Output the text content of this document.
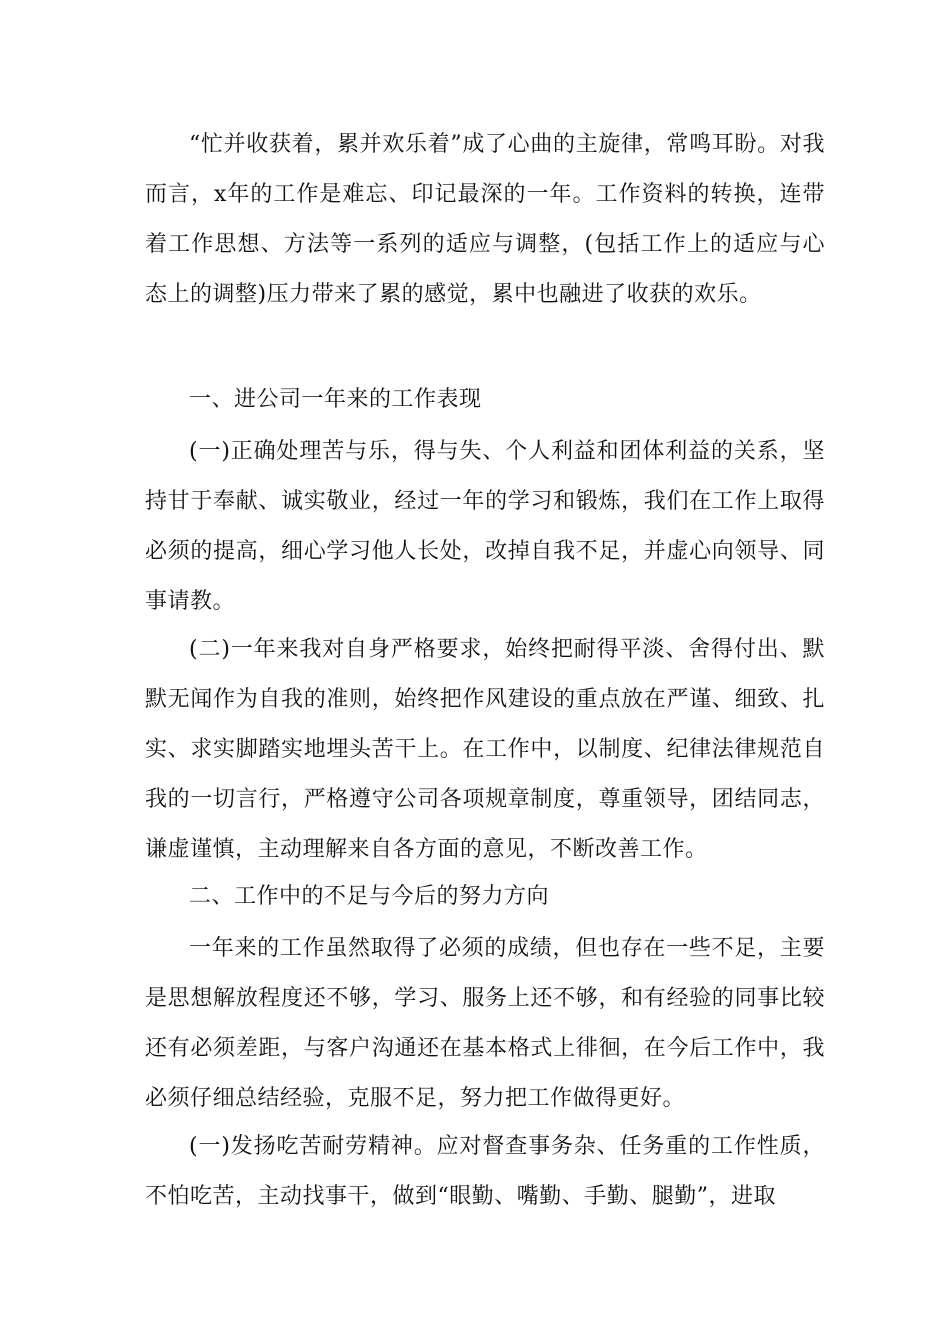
“忙并收获着，累并欢乐着”成了心曲的主旋律，常鸣耳盼。对我而言，x年的工作是难忘、印记最深的一年。工作资料的转换，连带着工作思想、方法等一系列的适应与调整，(包括工作上的适应与心态上的调整)压力带来了累的感觉，累中也融进了收获的欢乐。

一、进公司一年来的工作表现

(一)正确处理苦与乐，得与失、个人利益和团体利益的关系，坚持甘于奉献、诚实敬业，经过一年的学习和锻炼，我们在工作上取得必须的提高，细心学习他人长处，改掉自我不足，并虚心向领导、同事请教。

(二)一年来我对自身严格要求，始终把耐得平淡、舍得付出、默默无闻作为自我的准则，始终把作风建设的重点放在严谨、细致、扎实、求实脚踏实地埋头苦干上。在工作中，以制度、纪律法律规范自我的一切言行，严格遵守公司各项规章制度，尊重领导，团结同志，谦虚谨慎，主动理解来自各方面的意见，不断改善工作。

二、工作中的不足与今后的努力方向

一年来的工作虽然取得了必须的成绩，但也存在一些不足，主要是思想解放程度还不够，学习、服务上还不够，和有经验的同事比较还有必须差距，与客户沟通还在基本格式上徘徊，在今后工作中，我必须仔细总结经验，克服不足，努力把工作做得更好。

(一)发扬吃苦耐劳精神。应对督查事务杂、任务重的工作性质，不怕吃苦，主动找事干，做到“眼勤、嘴勤、手勤、腿勤”，进取
